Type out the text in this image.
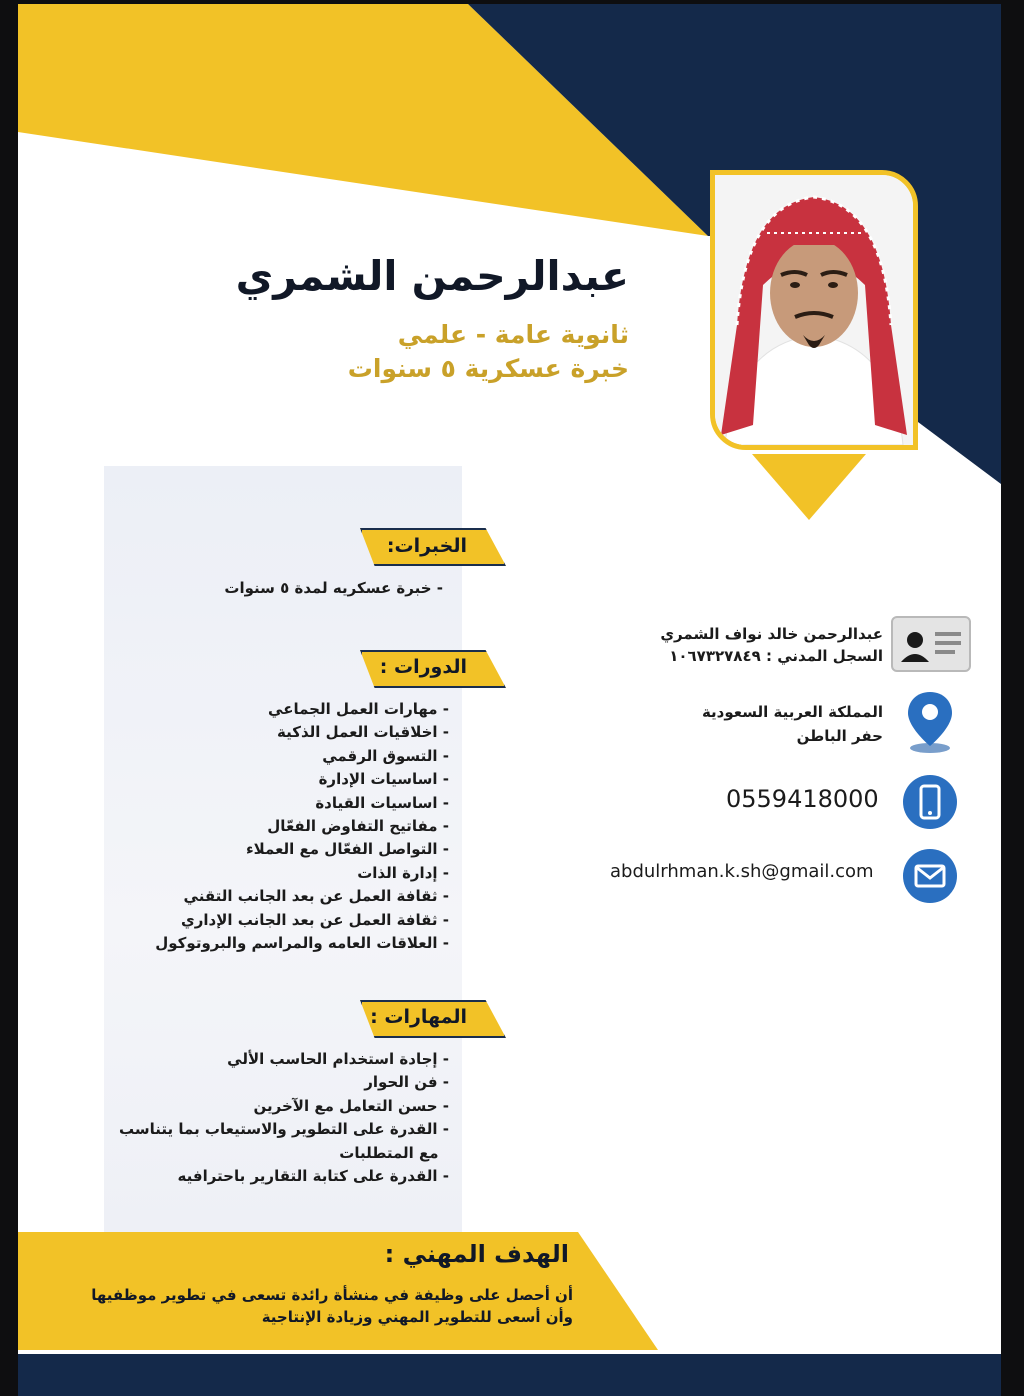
عبدالرحمن الشمري
ثانوية عامة - علمي
خبرة عسكرية ٥ سنوات
الخبرات:
- خبرة عسكريه لمدة ٥ سنوات
الدورات :
- مهارات العمل الجماعي
- اخلاقيات العمل الذكية
- التسوق الرقمي
- اساسيات الإدارة
- اساسيات القيادة
- مفاتيح التفاوض الفعّال
- التواصل الفعّال مع العملاء
- إدارة الذات
- ثقافة العمل عن بعد الجانب التقني
- ثقافة العمل عن بعد الجانب الإداري
- العلاقات العامه والمراسم والبروتوكول
المهارات :
- إجادة استخدام الحاسب الألي
- فن الحوار
- حسن التعامل مع الآخرين
- القدرة على التطوير والاستيعاب بما يتناسب
مع المتطلبات
- القدرة على كتابة التقارير باحترافيه
عبدالرحمن خالد نواف الشمري
السجل المدني : ١٠٦٧٣٢٧٨٤٩
المملكة العربية السعودية
حفر الباطن
0559418000
abdulrhman.k.sh@gmail.com
الهدف المهني :
أن أحصل على وظيفة في منشأة رائدة تسعى في تطوير موظفيها
وأن أسعى للتطوير المهني وزيادة الإنتاجية
